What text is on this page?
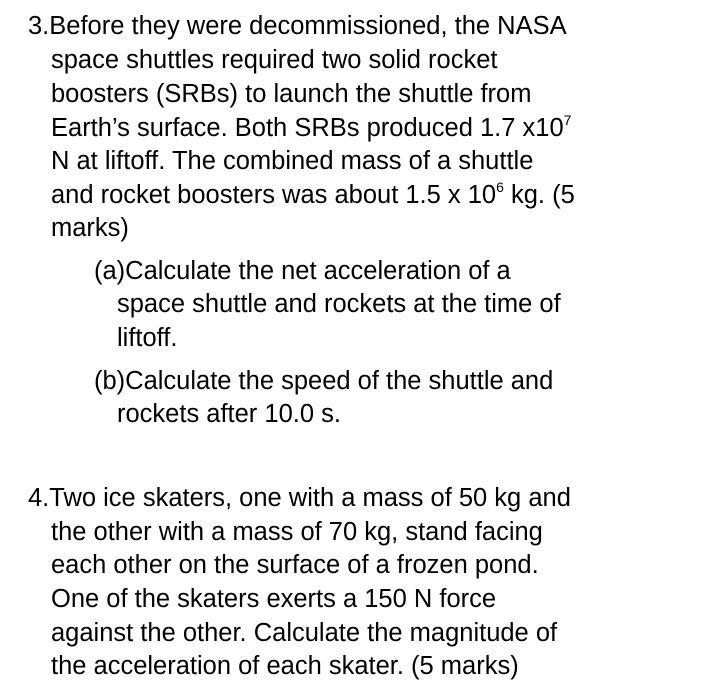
3.Before they were decommissioned, the NASA
space shuttles required two solid rocket
boosters (SRBs) to launch the shuttle from
Earth’s surface. Both SRBs produced 1.7 $x10^7$
N at liftoff. The combined mass of a shuttle
and rocket boosters was about 1.5 x $10^6$ kg. (5
marks)
(a)Calculate the net acceleration of a
space shuttle and rockets at the time of
liftoff.
(b)Calculate the speed of the shuttle and
rockets after 10.0 s.
4.Two ice skaters, one with a mass of 50 kg and
the other with a mass of 70 kg, stand facing
each other on the surface of a frozen pond.
One of the skaters exerts a 150 N force
against the other. Calculate the magnitude of
the acceleration of each skater. (5 marks)
